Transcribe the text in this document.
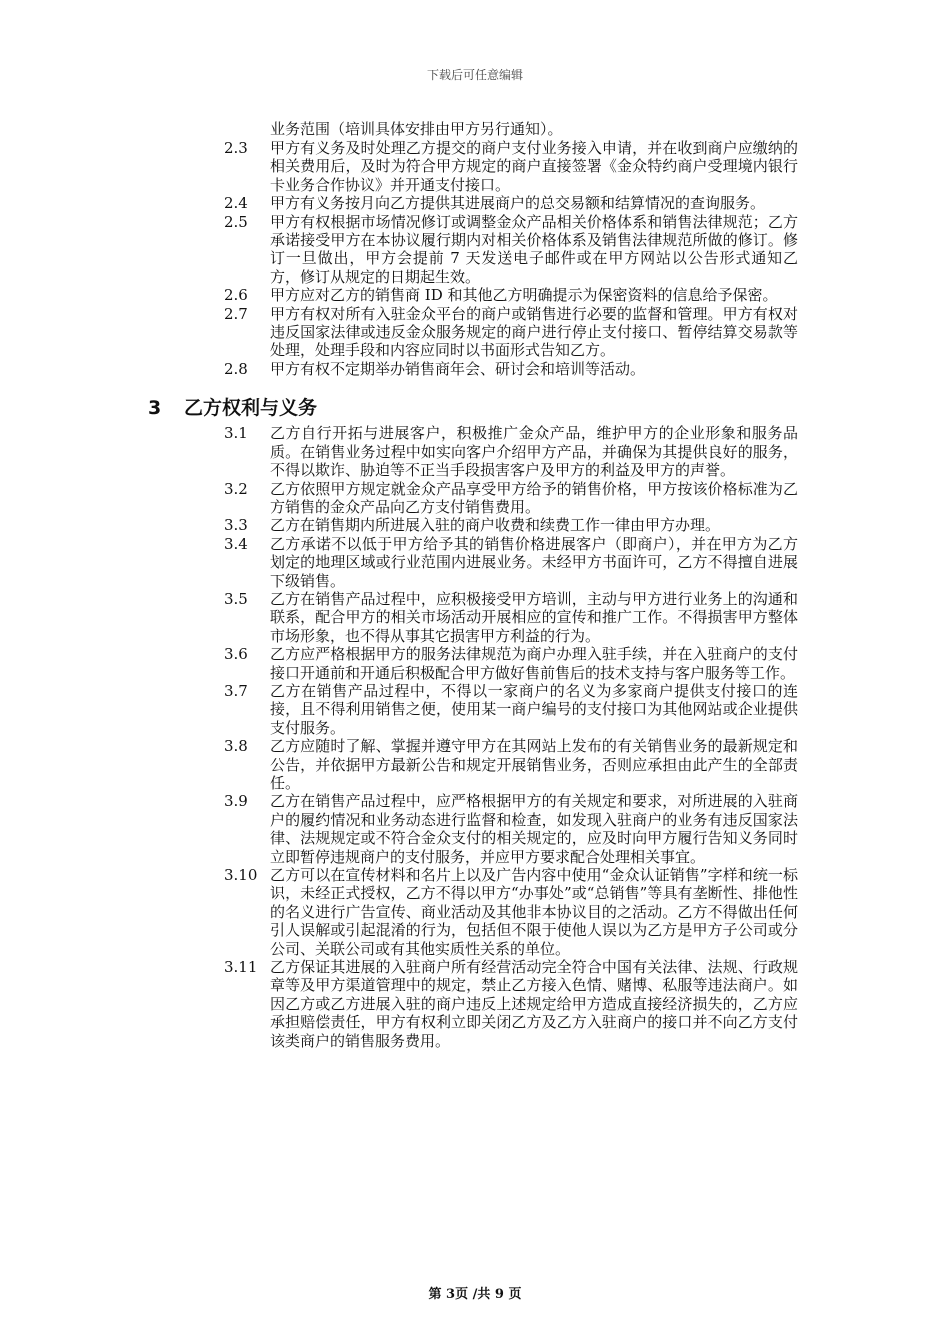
下载后可任意编辑
业务范围（培训具体安排由甲方另行通知）。
2.3	甲方有义务及时处理乙方提交的商户支付业务接入申请，并在收到商户应缴纳的相关费用后，及时为符合甲方规定的商户直接签署《金众特约商户受理境内银行卡业务合作协议》并开通支付接口。
2.4	甲方有义务按月向乙方提供其进展商户的总交易额和结算情况的查询服务。
2.5	甲方有权根据市场情况修订或调整金众产品相关价格体系和销售法律规范；乙方承诺接受甲方在本协议履行期内对相关价格体系及销售法律规范所做的修订。修订一旦做出，甲方会提前 7 天发送电子邮件或在甲方网站以公告形式通知乙方，修订从规定的日期起生效。
2.6	甲方应对乙方的销售商 ID 和其他乙方明确提示为保密资料的信息给予保密。
2.7	甲方有权对所有入驻金众平台的商户或销售进行必要的监督和管理。甲方有权对违反国家法律或违反金众服务规定的商户进行停止支付接口、暂停结算交易款等处理，处理手段和内容应同时以书面形式告知乙方。
2.8	甲方有权不定期举办销售商年会、研讨会和培训等活动。
3	乙方权利与义务
3.1	乙方自行开拓与进展客户，积极推广金众产品，维护甲方的企业形象和服务品质。在销售业务过程中如实向客户介绍甲方产品，并确保为其提供良好的服务，不得以欺诈、胁迫等不正当手段损害客户及甲方的利益及甲方的声誉。
3.2	乙方依照甲方规定就金众产品享受甲方给予的销售价格，甲方按该价格标准为乙方销售的金众产品向乙方支付销售费用。
3.3	乙方在销售期内所进展入驻的商户收费和续费工作一律由甲方办理。
3.4	乙方承诺不以低于甲方给予其的销售价格进展客户（即商户），并在甲方为乙方划定的地理区域或行业范围内进展业务。未经甲方书面许可，乙方不得擅自进展下级销售。
3.5	乙方在销售产品过程中，应积极接受甲方培训，主动与甲方进行业务上的沟通和联系，配合甲方的相关市场活动开展相应的宣传和推广工作。不得损害甲方整体市场形象，也不得从事其它损害甲方利益的行为。
3.6	乙方应严格根据甲方的服务法律规范为商户办理入驻手续，并在入驻商户的支付接口开通前和开通后积极配合甲方做好售前售后的技术支持与客户服务等工作。
3.7	乙方在销售产品过程中，不得以一家商户的名义为多家商户提供支付接口的连接，且不得利用销售之便，使用某一商户编号的支付接口为其他网站或企业提供支付服务。
3.8	乙方应随时了解、掌握并遵守甲方在其网站上发布的有关销售业务的最新规定和公告，并依据甲方最新公告和规定开展销售业务，否则应承担由此产生的全部责任。
3.9	乙方在销售产品过程中，应严格根据甲方的有关规定和要求，对所进展的入驻商户的履约情况和业务动态进行监督和检查，如发现入驻商户的业务有违反国家法律、法规规定或不符合金众支付的相关规定的，应及时向甲方履行告知义务同时立即暂停违规商户的支付服务，并应甲方要求配合处理相关事宜。
3.10 乙方可以在宣传材料和名片上以及广告内容中使用“金众认证销售”字样和统一标识，未经正式授权，乙方不得以甲方“办事处”或“总销售”等具有垄断性、排他性的名义进行广告宣传、商业活动及其他非本协议目的之活动。乙方不得做出任何引人误解或引起混淆的行为，包括但不限于使他人误以为乙方是甲方子公司或分公司、关联公司或有其他实质性关系的单位。
3.11 乙方保证其进展的入驻商户所有经营活动完全符合中国有关法律、法规、行政规章等及甲方渠道管理中的规定，禁止乙方接入色情、赌博、私服等违法商户。如因乙方或乙方进展入驻的商户违反上述规定给甲方造成直接经济损失的，乙方应承担赔偿责任，甲方有权利立即关闭乙方及乙方入驻商户的接口并不向乙方支付该类商户的销售服务费用。
第 3页 /共 9 页
